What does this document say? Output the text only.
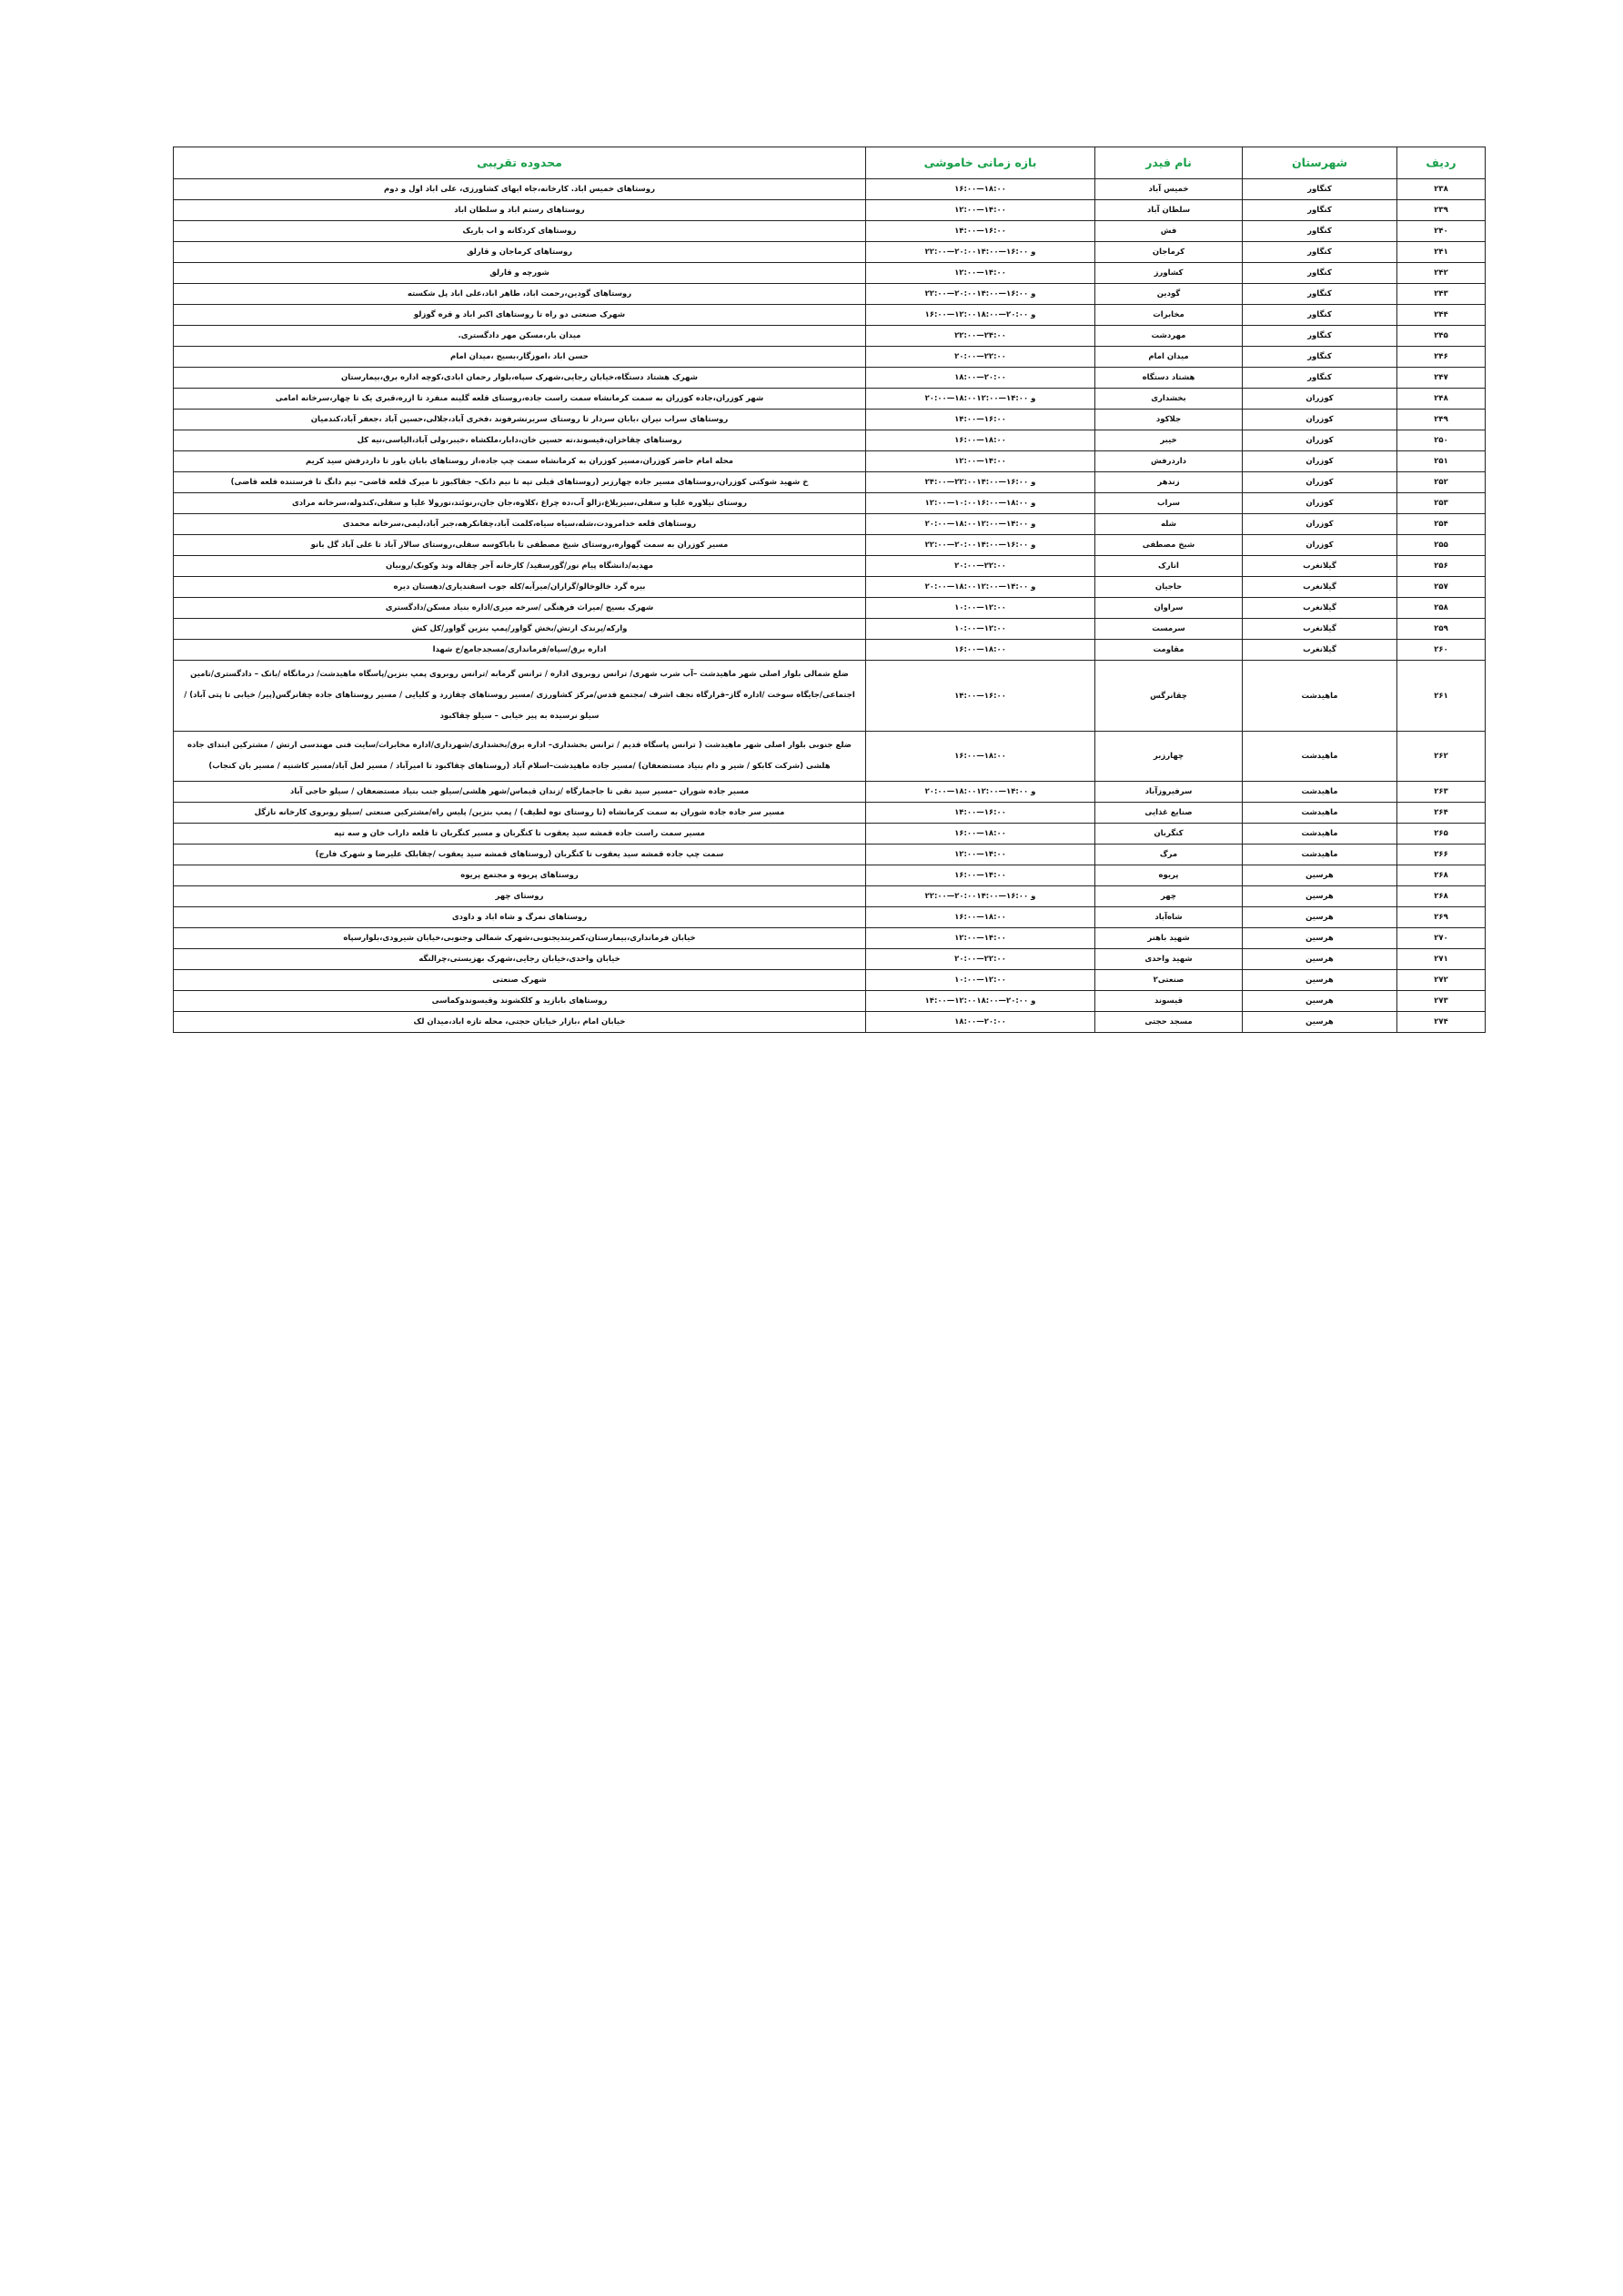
ردیف	شهرستان	نام فیدر	بازه زمانی خاموشی	محدوده تقریبی
۲۳۸	کنگاور	خمیس آباد	۱۶:۰۰—۱۸:۰۰	روستاهای خمیس اباد. کارخانه،جاه ابهای کشاورزی، علی اباد اول و دوم
۲۳۹	کنگاور	سلطان آباد	۱۲:۰۰—۱۴:۰۰	روستاهای رستم اباد و سلطان اباد
۲۴۰	کنگاور	فش	۱۴:۰۰—۱۶:۰۰	روستاهای کردکانه و اب باریک
۲۴۱	کنگاور	کرماجان	۲۲:۰۰—۲۰:۰۰و ۱۶:۰۰—۱۴:۰۰	روستاهای کرماجان و قارلق
۲۴۲	کنگاور	کشاورز	۱۲:۰۰—۱۴:۰۰	شورچه و قارلق
۲۴۳	کنگاور	گودین	۲۲:۰۰—۲۰:۰۰و ۱۶:۰۰—۱۴:۰۰	روستاهای گودین،رحمت اباد، طاهر اباد،علی اباد پل شکسته
۲۴۴	کنگاور	مخابرات	۱۶:۰۰—۱۲:۰۰و ۲۰:۰۰—۱۸:۰۰	شهرک صنعتی دو راه تا روستاهای اکبر اباد و قره گوزلو
۲۴۵	کنگاور	مهردشت	۲۲:۰۰—۲۴:۰۰	میدان بار،مسکن مهر دادگستری.
۲۴۶	کنگاور	میدان امام	۲۰:۰۰—۲۲:۰۰	حسن اباد ،اموزگار،بسیج ،میدان امام
۲۴۷	کنگاور	هشتاد دستگاه	۱۸:۰۰—۲۰:۰۰	شهرک هشتاد دستگاه،خیابان رجایی،شهرک سپاه،بلوار رحمان ابادی،کوچه اداره برق،بیمارستان
۲۴۸	کوزران	بخشداری	۲۰:۰۰—۱۸:۰۰و ۱۴:۰۰—۱۲:۰۰	شهر کوزران،جاده کوزران به سمت کرمانشاه سمت راست جاده،روستای قلعه گلینه منفرد تا ازره،قبری یک تا چهار،سرخانه امامی
۲۴۹	کوزران	جلاکود	۱۴:۰۰—۱۶:۰۰	روستاهای سراب نیران ،بابان سردار تا روستای سربرنشرفوند ،فخری آباد،جلالی،حسین آباد ،جعفر آباد،کندمیان
۲۵۰	کوزران	خیبر	۱۶:۰۰—۱۸:۰۰	روستاهای چقاخزان،قیسوند،ته حسین خان،دابار،ملکشاه ،خیبر،ولی آباد،الیاسی،نیه کل
۲۵۱	کوزران	داردرفش	۱۲:۰۰—۱۴:۰۰	محله امام حاضر کوزران،مسیر کوزران به کرمانشاه سمت چپ جاده،از روستاهای بابان باور تا داردرفش سید کریم
۲۵۲	کوزران	زندهر	۲۴:۰۰—۲۲:۰۰و ۱۶:۰۰—۱۴:۰۰	خ شهید شوکتی کوزران،روستاهای مسیر جاده چهارزبر (روستاهای قبلی تپه تا نیم دانک– جقاکبوز تا میرک قلعه قاضی– نیم دانگ تا فرستنده قلعه قاضی)
۲۵۳	کوزران	سراب	۱۲:۰۰—۱۰:۰۰و ۱۸:۰۰—۱۶:۰۰	روستای تیلاوره علیا و سفلی،سیزیلاغ،زالو آب،ده چراغ ،کلاوه،جان جان،رنوئند،نورولا علیا و سفلی،کندوله،سرخانه مرادی
۲۵۴	کوزران	شله	۲۰:۰۰—۱۸:۰۰و ۱۴:۰۰—۱۲:۰۰	روستاهای قلعه خدامرودت،شله،سیاه سیاه،کلمت آباد،چقانکرهه،جبر آباد،لیمی،سرخانه محمدی
۲۵۵	کوزران	شیخ مصطفی	۲۲:۰۰—۲۰:۰۰و ۱۶:۰۰—۱۴:۰۰	مسیر کوزران به سمت گهواره،روستای شیخ مصطفی تا باباکوسه سفلی،روستای سالار آباد تا علی آباد گل بانو
۲۵۶	گیلانغرب	انارک	۲۰:۰۰—۲۲:۰۰	مهدیه/دانشگاه پیام نور/گورسفید/ کارخانه آجر چقاله وند وکویک/روبیان
۲۵۷	گیلانغرب	حاجیان	۲۰:۰۰—۱۸:۰۰و ۱۴:۰۰—۱۲:۰۰	بیره گرد خالوخالو/گراران/میرآبه/کله جوب اسفندیاری/دهستان دیره
۲۵۸	گیلانغرب	سراوان	۱۰:۰۰—۱۲:۰۰	شهرک بسیج /میراث فرهنگی /سرخه میری/اداره بنیاد مسکن/دادگستری
۲۵۹	گیلانغرب	سرمست	۱۰:۰۰—۱۲:۰۰	وارکه/پرندک ارتش/بخش گواور/پمپ بنزین گواور/کل کش
۲۶۰	گیلانغرب	مقاومت	۱۶:۰۰—۱۸:۰۰	اداره برق/سپاه/فرمانداری/مسجدجامع/خ شهدا
۲۶۱	ماهیدشت	چقانرگس	۱۴:۰۰—۱۶:۰۰	ضلع شمالی بلوار اصلی شهر ماهیدشت –آب شرب شهری/ ترانس روبروی اداره / ترانس گرمابه /ترانس روبروی پمپ بنزین/پاسگاه ماهیدشت/ درمانگاه /بانک – دادگستری/تامین اجتماعی/جایگاه سوخت /اداره گاز–قرارگاه نجف اشرف /مجتمع قدس/مرکز کشاورزی /مسیر روستاهای چقازرد و کلیایی / مسیر روستاهای جاده چقانرگس(پیر/ خیابی تا پتی آباد) /سیلو نرسیده به پیر خیابی – سیلو چقاکبود
۲۶۲	ماهیدشت	چهارزبر	۱۶:۰۰—۱۸:۰۰	ضلع جنوبی بلوار اصلی شهر ماهیدشت ( ترانس پاسگاه قدیم / ترانس بخشداری– اداره برق/بخشداری/شهرداری/اداره مخابرات/سایت فنی مهندسی ارتش / مشترکین ابتدای جاده هلشی (شرکت کابکو / شیر و دام بنیاد مستضعفان) /مسیر جاده ماهیدشت–اسلام آباد (روستاهای چقاکبود تا امیرآباد / مسیر لعل آباد/مسیر کاشنیه / مسیر بان کنجاب)
۲۶۳	ماهیدشت	سرفیروزآباد	۲۰:۰۰—۱۸:۰۰و ۱۴:۰۰—۱۲:۰۰	مسیر جاده شوران –مسیر سید نقی تا جاجمارگاه /زندان قیماس/شهر هلشی/سیلو جنب بنیاد مستضعفان / سیلو حاجی آباد
۲۶۴	ماهیدشت	صنایع غذایی	۱۴:۰۰—۱۶:۰۰	مسیر سر جاده جاده شوران به سمت کرمانشاه (تا روستای نوه لطیف) / پمپ بنزین/ پلیس راه/مشترکین صنعتی /سیلو روبروی کارخانه نازگل
۲۶۵	ماهیدشت	کنگربان	۱۶:۰۰—۱۸:۰۰	مسیر سمت راست جاده قمشه سید یعقوب تا کنگربان و مسیر کنگربان تا قلعه داراب خان و سه تپه
۲۶۶	ماهیدشت	مرگ	۱۲:۰۰—۱۴:۰۰	سمت چپ جاده قمشه سید یعقوب تا کنگربان (روستاهای قمشه سید یعقوب /چقابلک علیرضا و شهرک فارج)
۲۶۸	هرسین	پریوه	۱۶:۰۰—۱۴:۰۰	روستاهای پریوه و مجتمع پریوه
۲۶۸	هرسین	چهر	۲۲:۰۰—۲۰:۰۰و ۱۶:۰۰—۱۴:۰۰	روستای چهر
۲۶۹	هرسین	شاه‌آباد	۱۶:۰۰—۱۸:۰۰	روستاهای نمرگ و شاه اباد و داودی
۲۷۰	هرسین	شهید باهنر	۱۲:۰۰—۱۴:۰۰	خیابان فرمانداری،بیمارستان،کمربندیجنوبی،شهرک شمالی وجنوبی،خیابان شیرودی،بلوارسپاه
۲۷۱	هرسین	شهید واحدی	۲۰:۰۰—۲۲:۰۰	خیابان واحدی،خیابان رجایی،شهرک بهزیستی،چرالنگه
۲۷۲	هرسین	صنعتی۲	۱۰:۰۰—۱۲:۰۰	شهرک صنعتی
۲۷۳	هرسین	قیسوند	۱۴:۰۰—۱۲:۰۰و ۲۰:۰۰—۱۸:۰۰	روستاهای بابازید و کلکشوند وقیسوندوکماسی
۲۷۴	هرسین	مسجد حجتی	۱۸:۰۰—۲۰:۰۰	خیابان امام ،بازار خیابان حجتی، محله تازه اباد،میدان لک
